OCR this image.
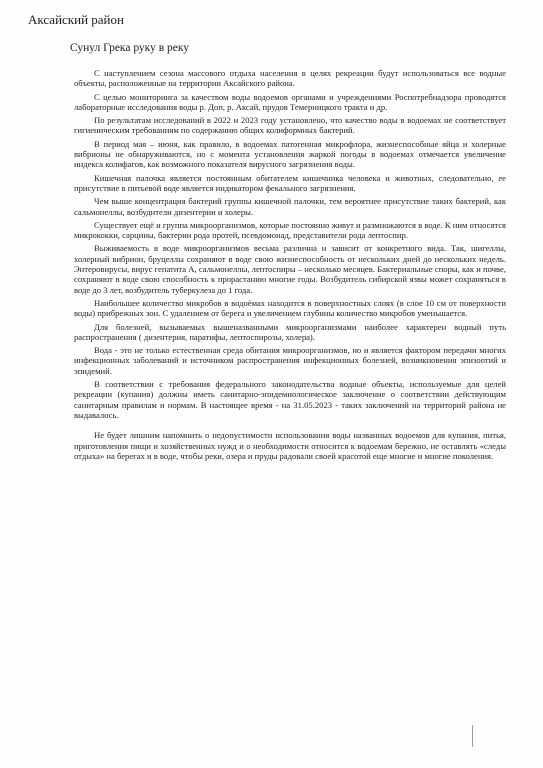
Аксайский район
Сунул Грека руку в реку

С наступлением сезона массового отдыха населения в целях рекреации будут использоваться все водные объекты, расположенные на территории Аксайского района.

С целью мониторинга за качеством воды водоемов органами и учреждениями Роспотребнадзора проводятся лабораторные исследования воды р. Доп, р. Аксай, прудов Темерницкого тракта и др.

По результатам исследований в 2022 и 2023 году установлено, что качество воды в водоемах не соответствует гигиеническим требованиям по содержанию общих колиформных бактерий.

В период мая – июня, как правило, в водоемах патогенная микрофлора, жизнеспособные яйца и холерные вибрионы не обнаруживаются, но с момента установления жаркой погоды в водоемах отмечается увеличение индекса колифагов, как возможного показателя вирусного загрязнения воды.

Кишечная палочка является постоянным обитателем кишечника человека и животных, следовательно, ее присутствие в питьевой воде является индикатором фекального загрязнения.

Чем выше концентрация бактерий группы кишечной палочки, тем вероятнее присутствие таких бактерий, как сальмонеллы, возбудители дизентерии и холеры.

Существует ещё и группа микроорганизмов, которые постоянно живут и размножаются в воде. К ним относятся микрококки, сарцины, бактерии рода протей, псевдомонад, представители рода лептоспир.

Выживаемость в воде микроорганизмов весьма различна и зависит от конкретного вида. Так, шигеллы, холерный вибрион, бруцеллы сохраняют в воде свою жизнеспособность от нескольких дней до нескольких недель. Энтеровирусы, вирус гепатита А, сальмонеллы, лептоспиры – несколько месяцев. Бактериальные споры, как и почве, сохраняют в воде свою способность к прорастанию многие годы. Возбудитель сибирской язвы может сохраняться в воде до 3 лет, возбудитель туберкулеза до 1 года.

Наибольшее количество микробов в водоёмах находится в поверхностных слоях (в слое 10 см от поверхности воды) прибрежных зон. С удалением от берега и увеличением глубины количество микробов уменьшается.

Для болезней, вызываемых вышеназванными микроорганизмами наиболее характерен водный путь распространения ( дизентерия, паратифы, лептоспирозы, холера).

Вода - это не только естественная среда обитания микроорганизмов, но и является фактором передачи многих инфекционных заболеваний и источником распространения инфекционных болезней, возникновения эпизоотий и эпидемий.

В соответствии с требования федерального законодательства водные объекты, используемые для целей рекреации (купания) должны иметь санитарно-эпидемиологическое заключение о соответствии действующим санитарным правилам и нормам. В настоящее время - на 31.05.2023 - таких заключений на территорий района не выдавалось.

Не будет лишним напомнить о недопустимости использования воды названных водоемов для купания, питья, приготовления пищи и хозяйственных нужд и о необходимости относится к водоемам бережно, не оставлять «следы отдыха» на берегах и в воде, чтобы реки, озера и пруды радовали своей красотой еще многие и многие поколения.
